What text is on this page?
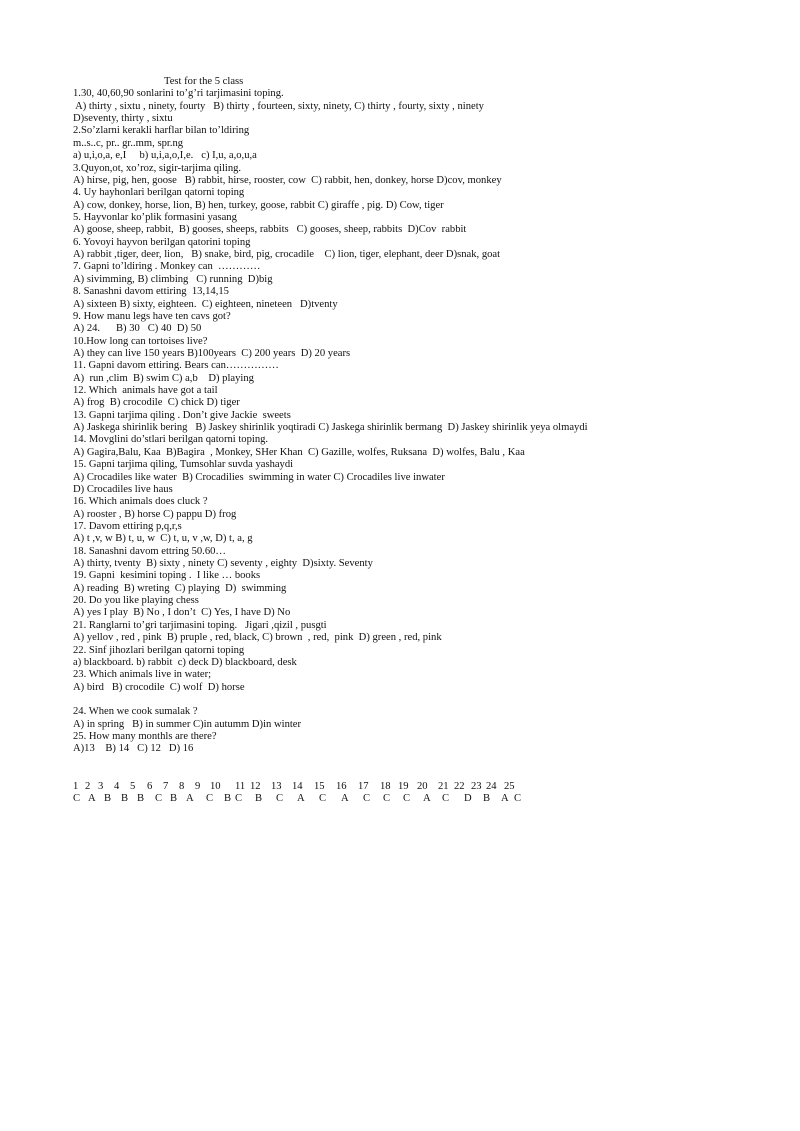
Test for the 5 class
1.30, 40,60,90 sonlarini to’g’ri tarjimasini toping.
A) thirty , sixtu , ninety, fourty   B) thirty , fourteen, sixty, ninety, C) thirty , fourty, sixty , ninety
D)seventy, thirty , sixtu
2.So’zlarni kerakli harflar bilan to’ldiring
m..s..c, pr.. gr..mm, spr.ng
a) u,i,o,a, e,I     b) u,i,a,o,I,e.   c) I,u, a,o,u,a
3.Quyon,ot, xo’roz, sigir-tarjima qiling.
A) hirse, pig, hen, goose   B) rabbit, hirse, rooster, cow  C) rabbit, hen, donkey, horse D)cov, monkey
4. Uy hayhonlari berilgan qatorni toping
A) cow, donkey, horse, lion, B) hen, turkey, goose, rabbit C) giraffe , pig. D) Cow, tiger
5. Hayvonlar ko’plik formasini yasang
A) goose, sheep, rabbit,  B) gooses, sheeps, rabbits   C) gooses, sheep, rabbits  D)Cov  rabbit
6. Yovoyi hayvon berilgan qatorini toping
A) rabbit ,tiger, deer, lion,   B) snake, bird, pig, crocadile    C) lion, tiger, elephant, deer D)snak, goat
7. Gapni to’ldiring . Monkey can  …………
A) sivimming, B) climbing   C) running  D)big
8. Sanashni davom ettiring  13,14,15
A) sixteen B) sixty, eighteen.  C) eighteen, nineteen   D)tventy
9. How manu legs have ten cavs got?
A) 24.      B) 30   C) 40  D) 50
10.How long can tortoises live?
A) they can live 150 years B)100years  C) 200 years  D) 20 years
11. Gapni davom ettiring. Bears can……………
A)  run ,clim  B) swim C) a,b    D) playing
12. Which  animals have got a tail
A) frog  B) crocodile  C) chick D) tiger
13. Gapni tarjima qiling . Don’t give Jackie  sweets
A) Jaskega shirinlik bering   B) Jaskey shirinlik yoqtiradi C) Jaskega shirinlik bermang  D) Jaskey shirinlik yeya olmaydi
14. Movglini do’stlari berilgan qatorni toping.
A) Gagira,Balu, Kaa  B)Bagira  , Monkey, SHer Khan  C) Gazille, wolfes, Ruksana  D) wolfes, Balu , Kaa
15. Gapni tarjima qiling, Tumsohlar suvda yashaydi
A) Crocadiles like water  B) Crocadilies  swimming in water C) Crocadiles live inwater
D) Crocadiles live haus
16. Which animals does cluck ?
A) rooster , B) horse C) pappu D) frog
17. Davom ettiring p,q,r,s
A) t ,v, w B) t, u, w  C) t, u, v ,w, D) t, a, g
18. Sanashni davom ettring 50.60…
A) thirty, tventy  B) sixty , ninety C) seventy , eighty  D)sixty. Seventy
19. Gapni  kesimini toping .  I like … books
A) reading  B) wreting  C) playing  D)  swimming
20. Do you like playing chess
A) yes I play  B) No , I don’t  C) Yes, I have D) No
21. Ranglarni to’gri tarjimasini toping.   Jigari ,qizil , pusgti
A) yellov , red , pink  B) pruple , red, black, C) brown  , red,  pink  D) green , red, pink
22. Sinf jihozlari berilgan qatorni toping
a) blackboard. b) rabbit  c) deck D) blackboard, desk
23. Which animals live in water;
A) bird   B) crocodile  C) wolf  D) horse
24. When we cook sumalak ?
A) in spring   B) in summer C)in autumm D)in winter
25. How many monthls are there?
A)13    B) 14   C) 12   D) 16
1 2 3 4 5 6 7 8 9 10 11 12 13 14 15 16 17 18 19 20 21 22 23 24 25
C A B B B C B A C B C B C A C A C C C A C D B A C
